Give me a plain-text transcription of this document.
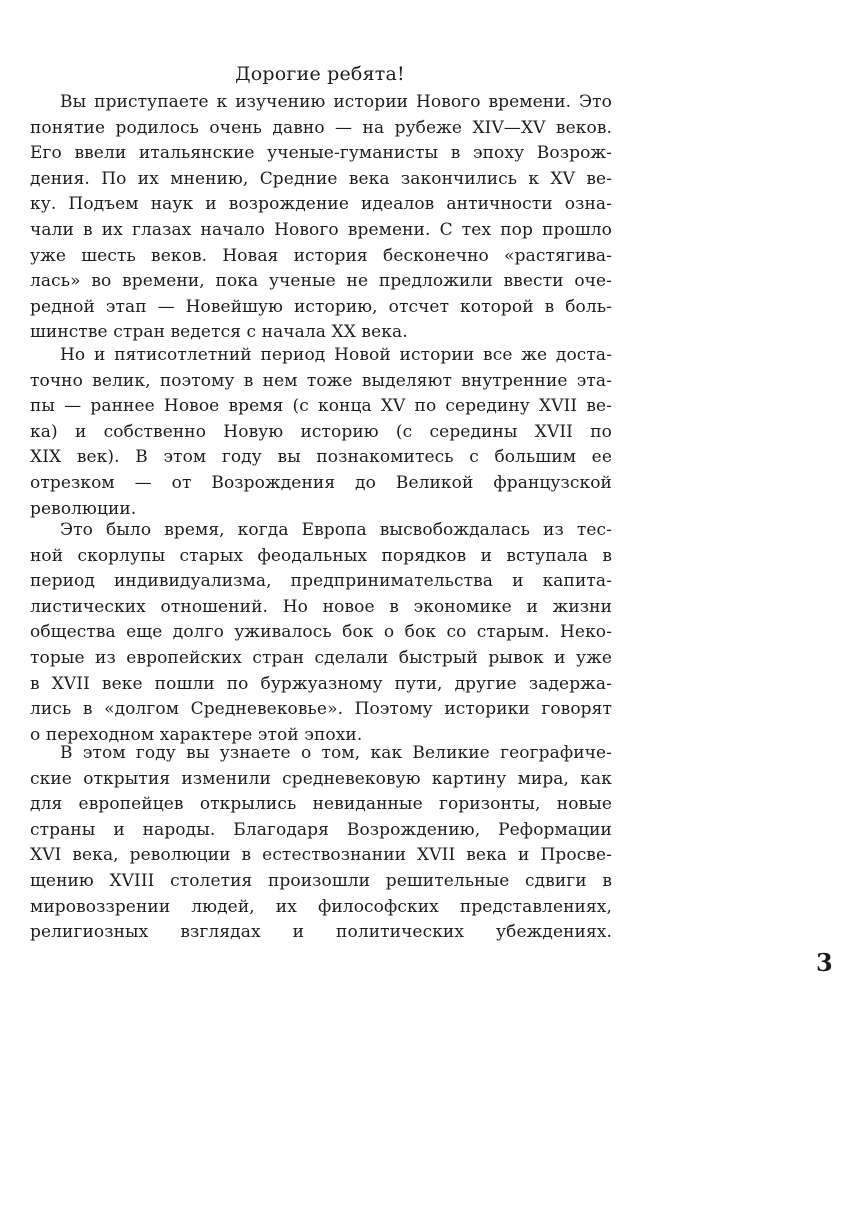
Дорогие ребята!
Вы приступаете к изучению истории Нового времени. Это
понятие родилось очень давно — на рубеже XIV—XV веков.
Его ввели итальянские ученые-гуманисты в эпоху Возрож-
дения. По их мнению, Средние века закончились к XV ве-
ку. Подъем наук и возрождение идеалов античности озна-
чали в их глазах начало Нового времени. С тех пор прошло
уже шесть веков. Новая история бесконечно «растягива-
лась» во времени, пока ученые не предложили ввести оче-
редной этап — Новейшую историю, отсчет которой в боль-
шинстве стран ведется с начала XX века.
Но и пятисотлетний период Новой истории все же доста-
точно велик, поэтому в нем тоже выделяют внутренние эта-
пы — раннее Новое время (с конца XV по середину XVII ве-
ка) и собственно Новую историю (с середины XVII по
XIX век). В этом году вы познакомитесь с большим ее
отрезком — от Возрождения до Великой французской
революции.
Это было время, когда Европа высвобождалась из тес-
ной скорлупы старых феодальных порядков и вступала в
период индивидуализма, предпринимательства и капита-
листических отношений. Но новое в экономике и жизни
общества еще долго уживалось бок о бок со старым. Неко-
торые из европейских стран сделали быстрый рывок и уже
в XVII веке пошли по буржуазному пути, другие задержа-
лись в «долгом Средневековье». Поэтому историки говорят
о переходном характере этой эпохи.
В этом году вы узнаете о том, как Великие географиче-
ские открытия изменили средневековую картину мира, как
для европейцев открылись невиданные горизонты, новые
страны и народы. Благодаря Возрождению, Реформации
XVI века, революции в естествознании XVII века и Просве-
щению XVIII столетия произошли решительные сдвиги в
мировоззрении людей, их философских представлениях,
религиозных взглядах и политических убеждениях.
3
